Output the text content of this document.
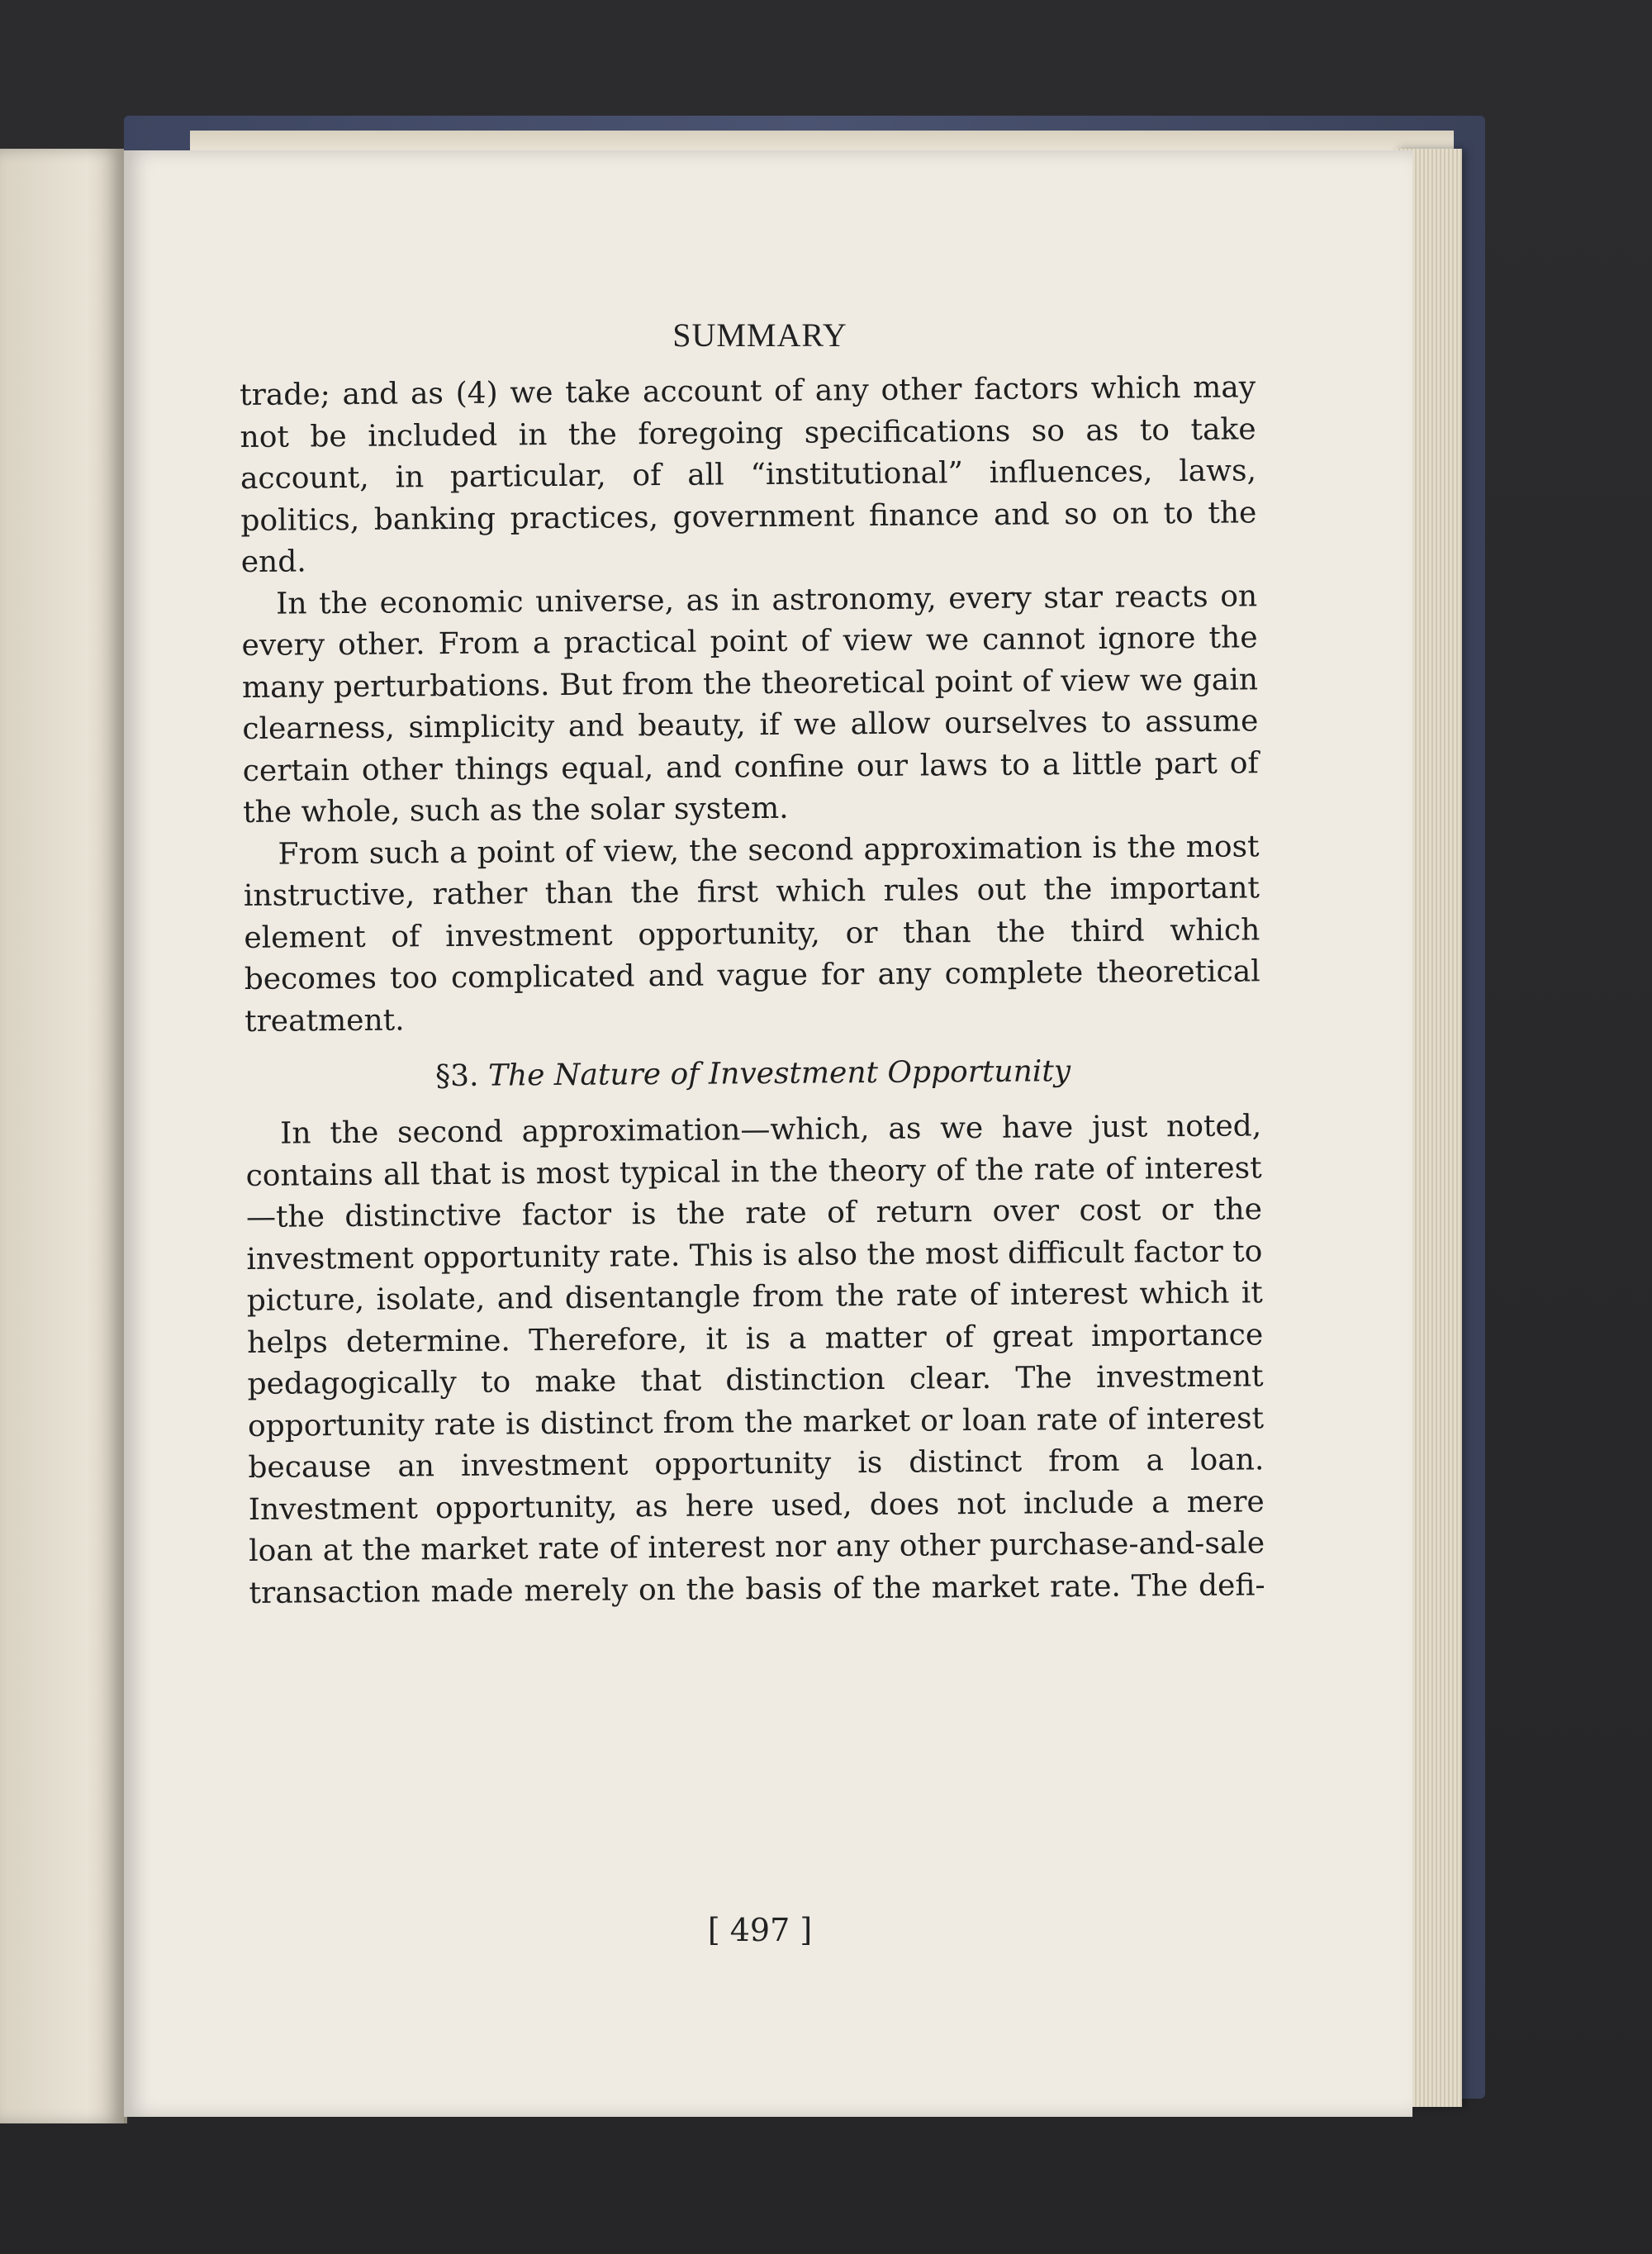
SUMMARY

trade; and as (4) we take account of any other factors which may not be included in the foregoing specifications so as to take account, in particular, of all “institutional” influences, laws, politics, banking practices, government finance and so on to the end.

In the economic universe, as in astronomy, every star reacts on every other. From a practical point of view we cannot ignore the many perturbations. But from the theoretical point of view we gain clearness, simplicity and beauty, if we allow ourselves to assume certain other things equal, and confine our laws to a little part of the whole, such as the solar system.

From such a point of view, the second approximation is the most instructive, rather than the first which rules out the important element of investment opportunity, or than the third which becomes too complicated and vague for any complete theoretical treatment.

§3. The Nature of Investment Opportunity

In the second approximation—which, as we have just noted, contains all that is most typical in the theory of the rate of interest—the distinctive factor is the rate of return over cost or the investment opportunity rate. This is also the most difficult factor to picture, isolate, and disentangle from the rate of interest which it helps determine. Therefore, it is a matter of great importance pedagogically to make that distinction clear. The investment opportunity rate is distinct from the market or loan rate of interest because an investment opportunity is distinct from a loan. Investment opportunity, as here used, does not include a mere loan at the market rate of interest nor any other purchase-and-sale transaction made merely on the basis of the market rate. The defi-

[ 497 ]
